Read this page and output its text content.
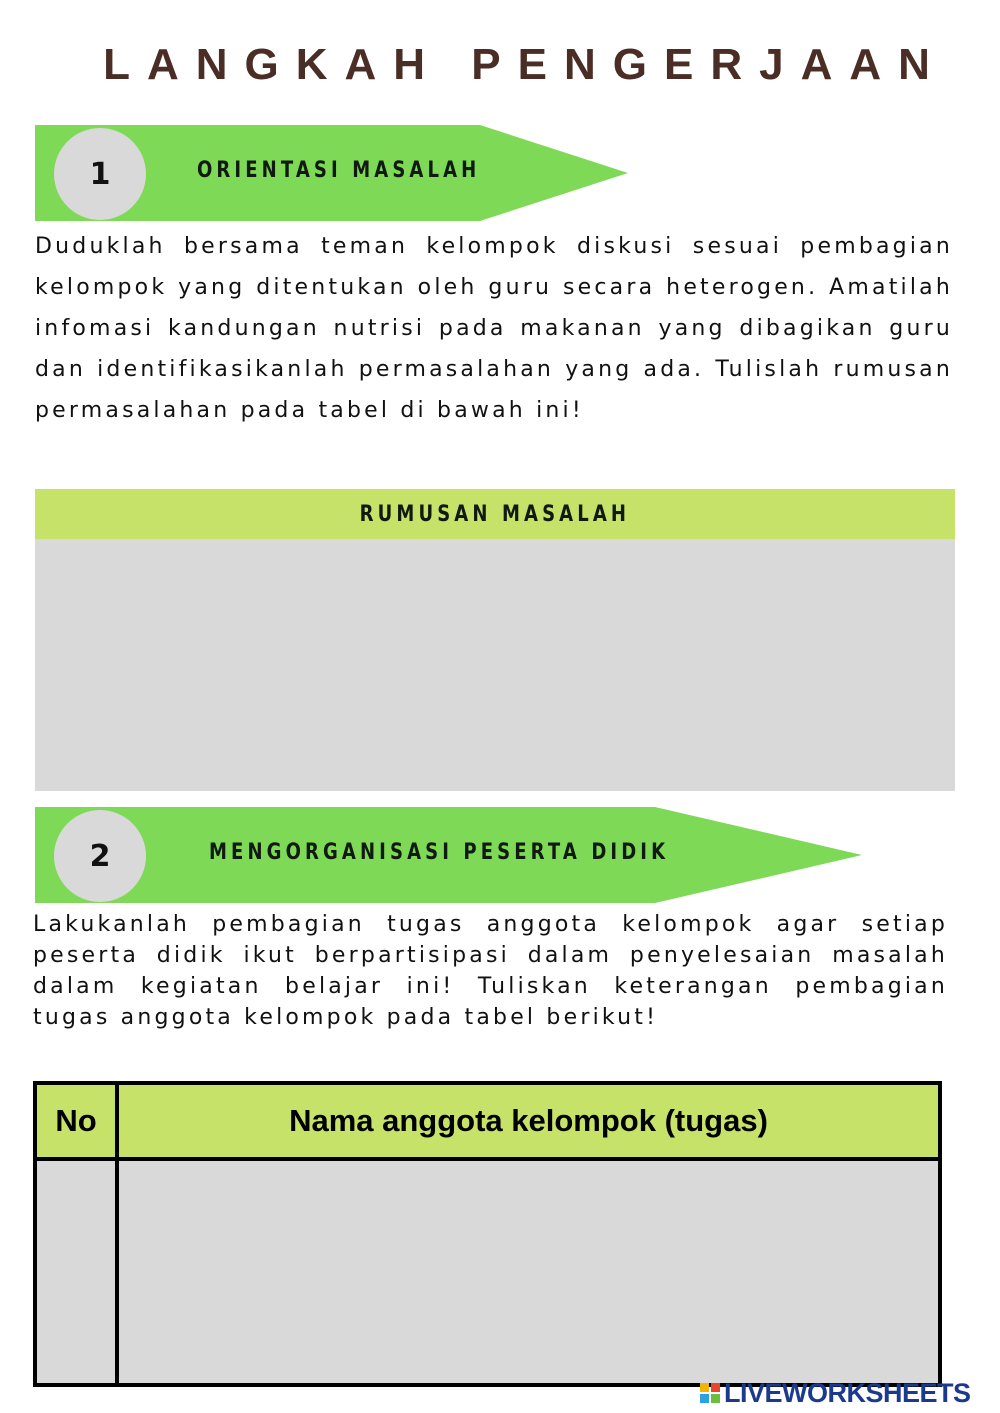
LANGKAH PENGERJAAN
1	ORIENTASI MASALAH
Duduklah bersama teman kelompok diskusi sesuai pembagian kelompok yang ditentukan oleh guru secara heterogen. Amatilah infomasi kandungan nutrisi pada makanan yang dibagikan guru dan identifikasikanlah permasalahan yang ada. Tulislah rumusan permasalahan pada tabel di bawah ini!
RUMUSAN MASALAH
2	MENGORGANISASI PESERTA DIDIK
Lakukanlah pembagian tugas anggota kelompok agar setiap peserta didik ikut berpartisipasi dalam penyelesaian masalah dalam kegiatan belajar ini! Tuliskan keterangan pembagian tugas anggota kelompok pada tabel berikut!
No	Nama anggota kelompok (tugas)

LIVEWORKSHEETS
